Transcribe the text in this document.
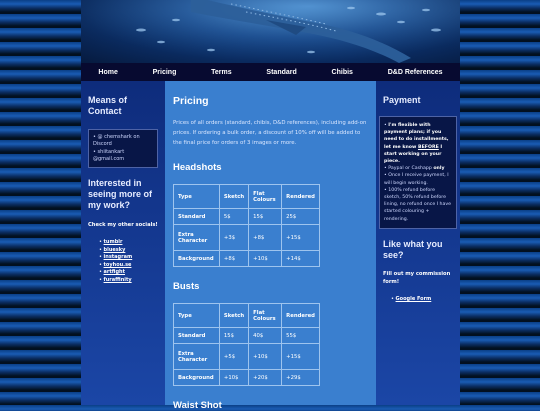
Home	Pricing	Terms	Standard	Chibis	D&D References
Means of Contact
• @ chemshark on Discord
• shiitankart @gmail.com
Interested in seeing more of my work?
Check my other socials!
• tumblr
• bluesky
• instagram
• toyhou.se
• artfight
• furaffinity
Pricing

Prices of all orders (standard, chibis, D&D references), including add-on prices. If ordering a bulk order, a discount of 10% off will be added to the final price for orders of 3 images or more.

Headshots
Type	Sketch	Flat Colours	Rendered
Standard	5$	15$	25$
Extra Character	+3$	+8$	+15$
Background	+8$	+10$	+14$
Busts
Type	Sketch	Flat Colours	Rendered
Standard	15$	40$	55$
Extra Character	+5$	+10$	+15$
Background	+10$	+20$	+29$
Waist Shot
Payment
• I'm flexible with payment plans; if you need to do installments, let me know BEFORE I start working on your piece.
• Paypal or Cashapp only
• Once I receive payment, I will begin working.
• 100% refund before sketch, 50% refund before lining, no refund once I have started colouring + rendering.
Like what you see?
Fill out my commission form!
• Google Form
